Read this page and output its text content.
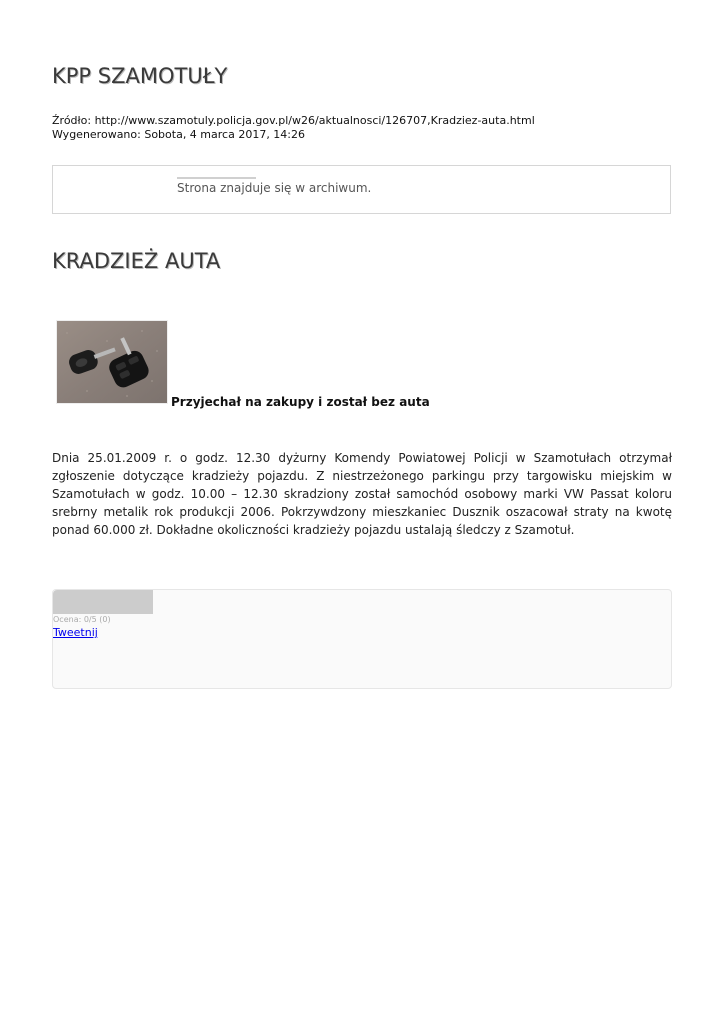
KPP SZAMOTUŁY
Źródło: http://www.szamotuly.policja.gov.pl/w26/aktualnosci/126707,Kradziez-auta.html
Wygenerowano: Sobota, 4 marca 2017, 14:26
Strona znajduje się w archiwum.
KRADZIEŻ AUTA
Przyjechał na zakupy i został bez auta

Dnia 25.01.2009 r. o godz. 12.30 dyżurny Komendy Powiatowej Policji w Szamotułach otrzymał zgłoszenie dotyczące kradzieży pojazdu. Z niestrzeżonego parkingu przy targowisku miejskim w Szamotułach w godz. 10.00 – 12.30 skradziony został samochód osobowy marki VW Passat koloru srebrny metalik rok produkcji 2006. Pokrzywdzony mieszkaniec Dusznik oszacował straty na kwotę ponad 60.000 zł. Dokładne okoliczności kradzieży pojazdu ustalają śledczy z Szamotuł.

Ocena: 0/5 (0)
Tweetnij
